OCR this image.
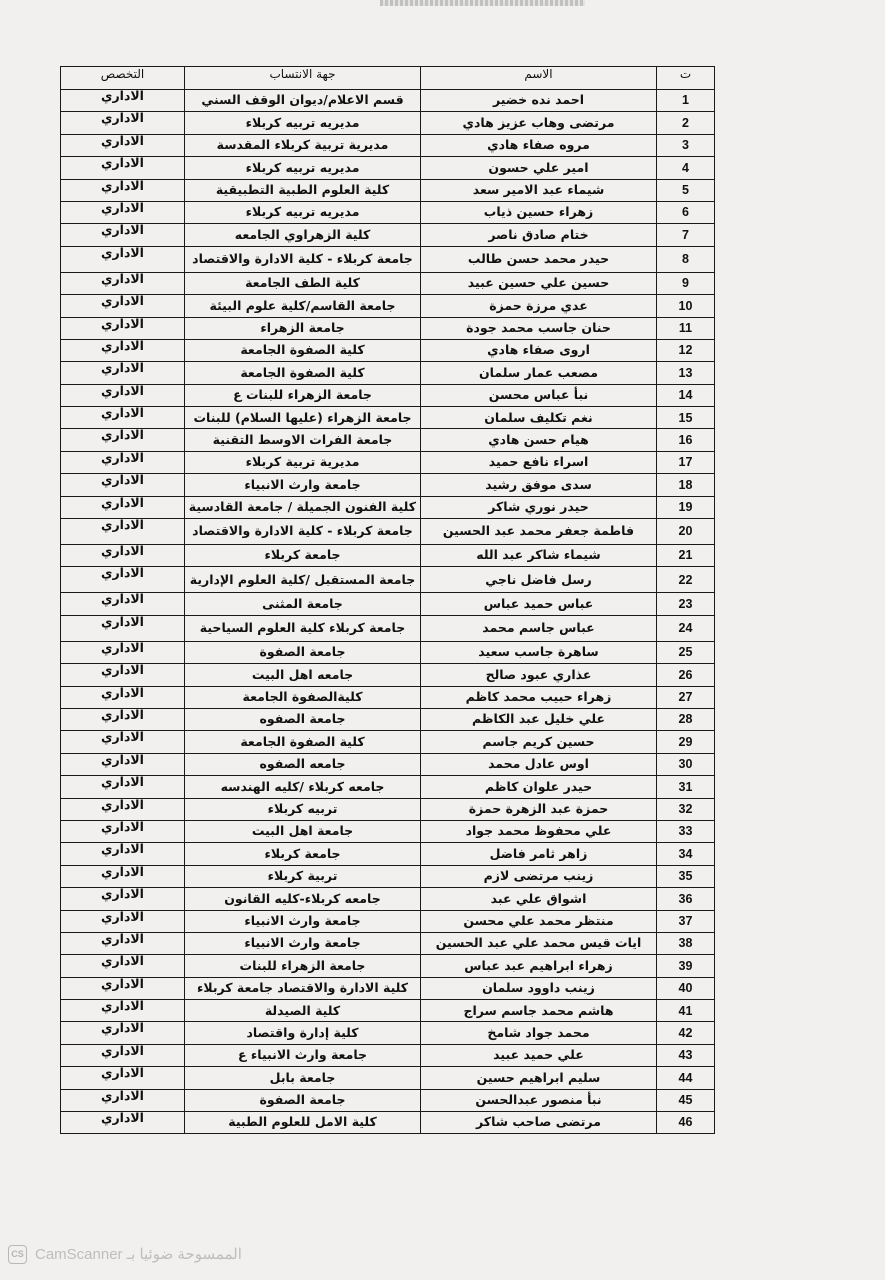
ت	الاسم	جهة الانتساب	التخصص
1	احمد نده خضير	قسم الاعلام/ديوان الوقف السني	الاداري
2	مرتضى وهاب عزيز هادي	مديريه تربيه كربلاء	الاداري
3	مروه صفاء هادي	مديرية تربية كربلاء المقدسة	الاداري
4	امير علي حسون	مديريه تربيه كربلاء	الاداري
5	شيماء عبد الامير سعد	كلية العلوم الطبية التطبيقية	الاداري
6	زهراء حسين ذياب	مديريه تربيه كربلاء	الاداري
7	ختام صادق ناصر	كلية الزهراوي الجامعه	الاداري
8	حيدر محمد حسن طالب	جامعة كربلاء - كلية الادارة والاقتصاد	الاداري
9	حسين علي حسين عبيد	كلية الطف الجامعة	الاداري
10	عدي مرزة حمزة	جامعة القاسم/كلية علوم البيئة	الاداري
11	حنان جاسب محمد جودة	جامعة الزهراء	الاداري
12	اروى صفاء هادي	كلية الصفوة الجامعة	الاداري
13	مصعب عمار سلمان	كلية الصفوة الجامعة	الاداري
14	نبأ عباس محسن	جامعة الزهراء للبنات ع	الاداري
15	نغم تكليف سلمان	جامعة الزهراء (عليها السلام) للبنات	الاداري
16	هيام حسن هادي	جامعة الفرات الاوسط التقنية	الاداري
17	اسراء نافع حميد	مديرية تربية كربلاء	الاداري
18	سدى موفق رشيد	جامعة وارث الانبياء	الاداري
19	حيدر نوري شاكر	كلية الفنون الجميلة / جامعة القادسية	الاداري
20	فاطمة جعفر محمد عبد الحسين	جامعة كربلاء - كلية الادارة والاقتصاد	الاداري
21	شيماء شاكر عبد الله	جامعة كربلاء	الاداري
22	رسل فاضل ناجي	جامعة المستقبل /كلية العلوم الإدارية	الاداري
23	عباس حميد عباس	جامعة المثنى	الاداري
24	عباس جاسم محمد	جامعة كربلاء كلية العلوم السياحية	الاداري
25	ساهرة جاسب سعيد	جامعة الصفوة	الاداري
26	عذاري عبود صالح	جامعه اهل البيت	الاداري
27	زهراء حبيب محمد كاظم	كليةالصفوة الجامعة	الاداري
28	علي خليل عبد الكاظم	جامعة الصفوه	الاداري
29	حسين كريم جاسم	كلية الصفوة الجامعة	الاداري
30	اوس عادل محمد	جامعه الصفوه	الاداري
31	حيدر علوان كاظم	جامعه كربلاء /كليه الهندسه	الاداري
32	حمزة عبد الزهرة حمزة	تربيه كربلاء	الاداري
33	علي محفوظ محمد جواد	جامعة اهل البيت	الاداري
34	زاهر ثامر فاضل	جامعة كربلاء	الاداري
35	زينب مرتضى لازم	تربية كربلاء	الاداري
36	اشواق علي عبد	جامعه كربلاء-كليه القانون	الاداري
37	منتظر محمد علي محسن	جامعة وارث الانبياء	الاداري
38	ايات قيس محمد علي عبد الحسين	جامعة وارث الانبياء	الاداري
39	زهراء ابراهيم عبد عباس	جامعة الزهراء للبنات	الاداري
40	زينب داوود سلمان	كلية الادارة والاقتصاد جامعة كربلاء	الاداري
41	هاشم محمد جاسم سراج	كلية الصيدلة	الاداري
42	محمد جواد شامخ	كلية إدارة واقتصاد	الاداري
43	علي حميد عبيد	جامعة وارث الانبياء ع	الاداري
44	سليم ابراهيم حسين	جامعة بابل	الاداري
45	نبأ منصور عبدالحسن	جامعة الصفوة	الاداري
46	مرتضى صاحب شاكر	كلية الامل للعلوم الطبية	الاداري
CS الممسوحة ضوئيا بـ CamScanner
